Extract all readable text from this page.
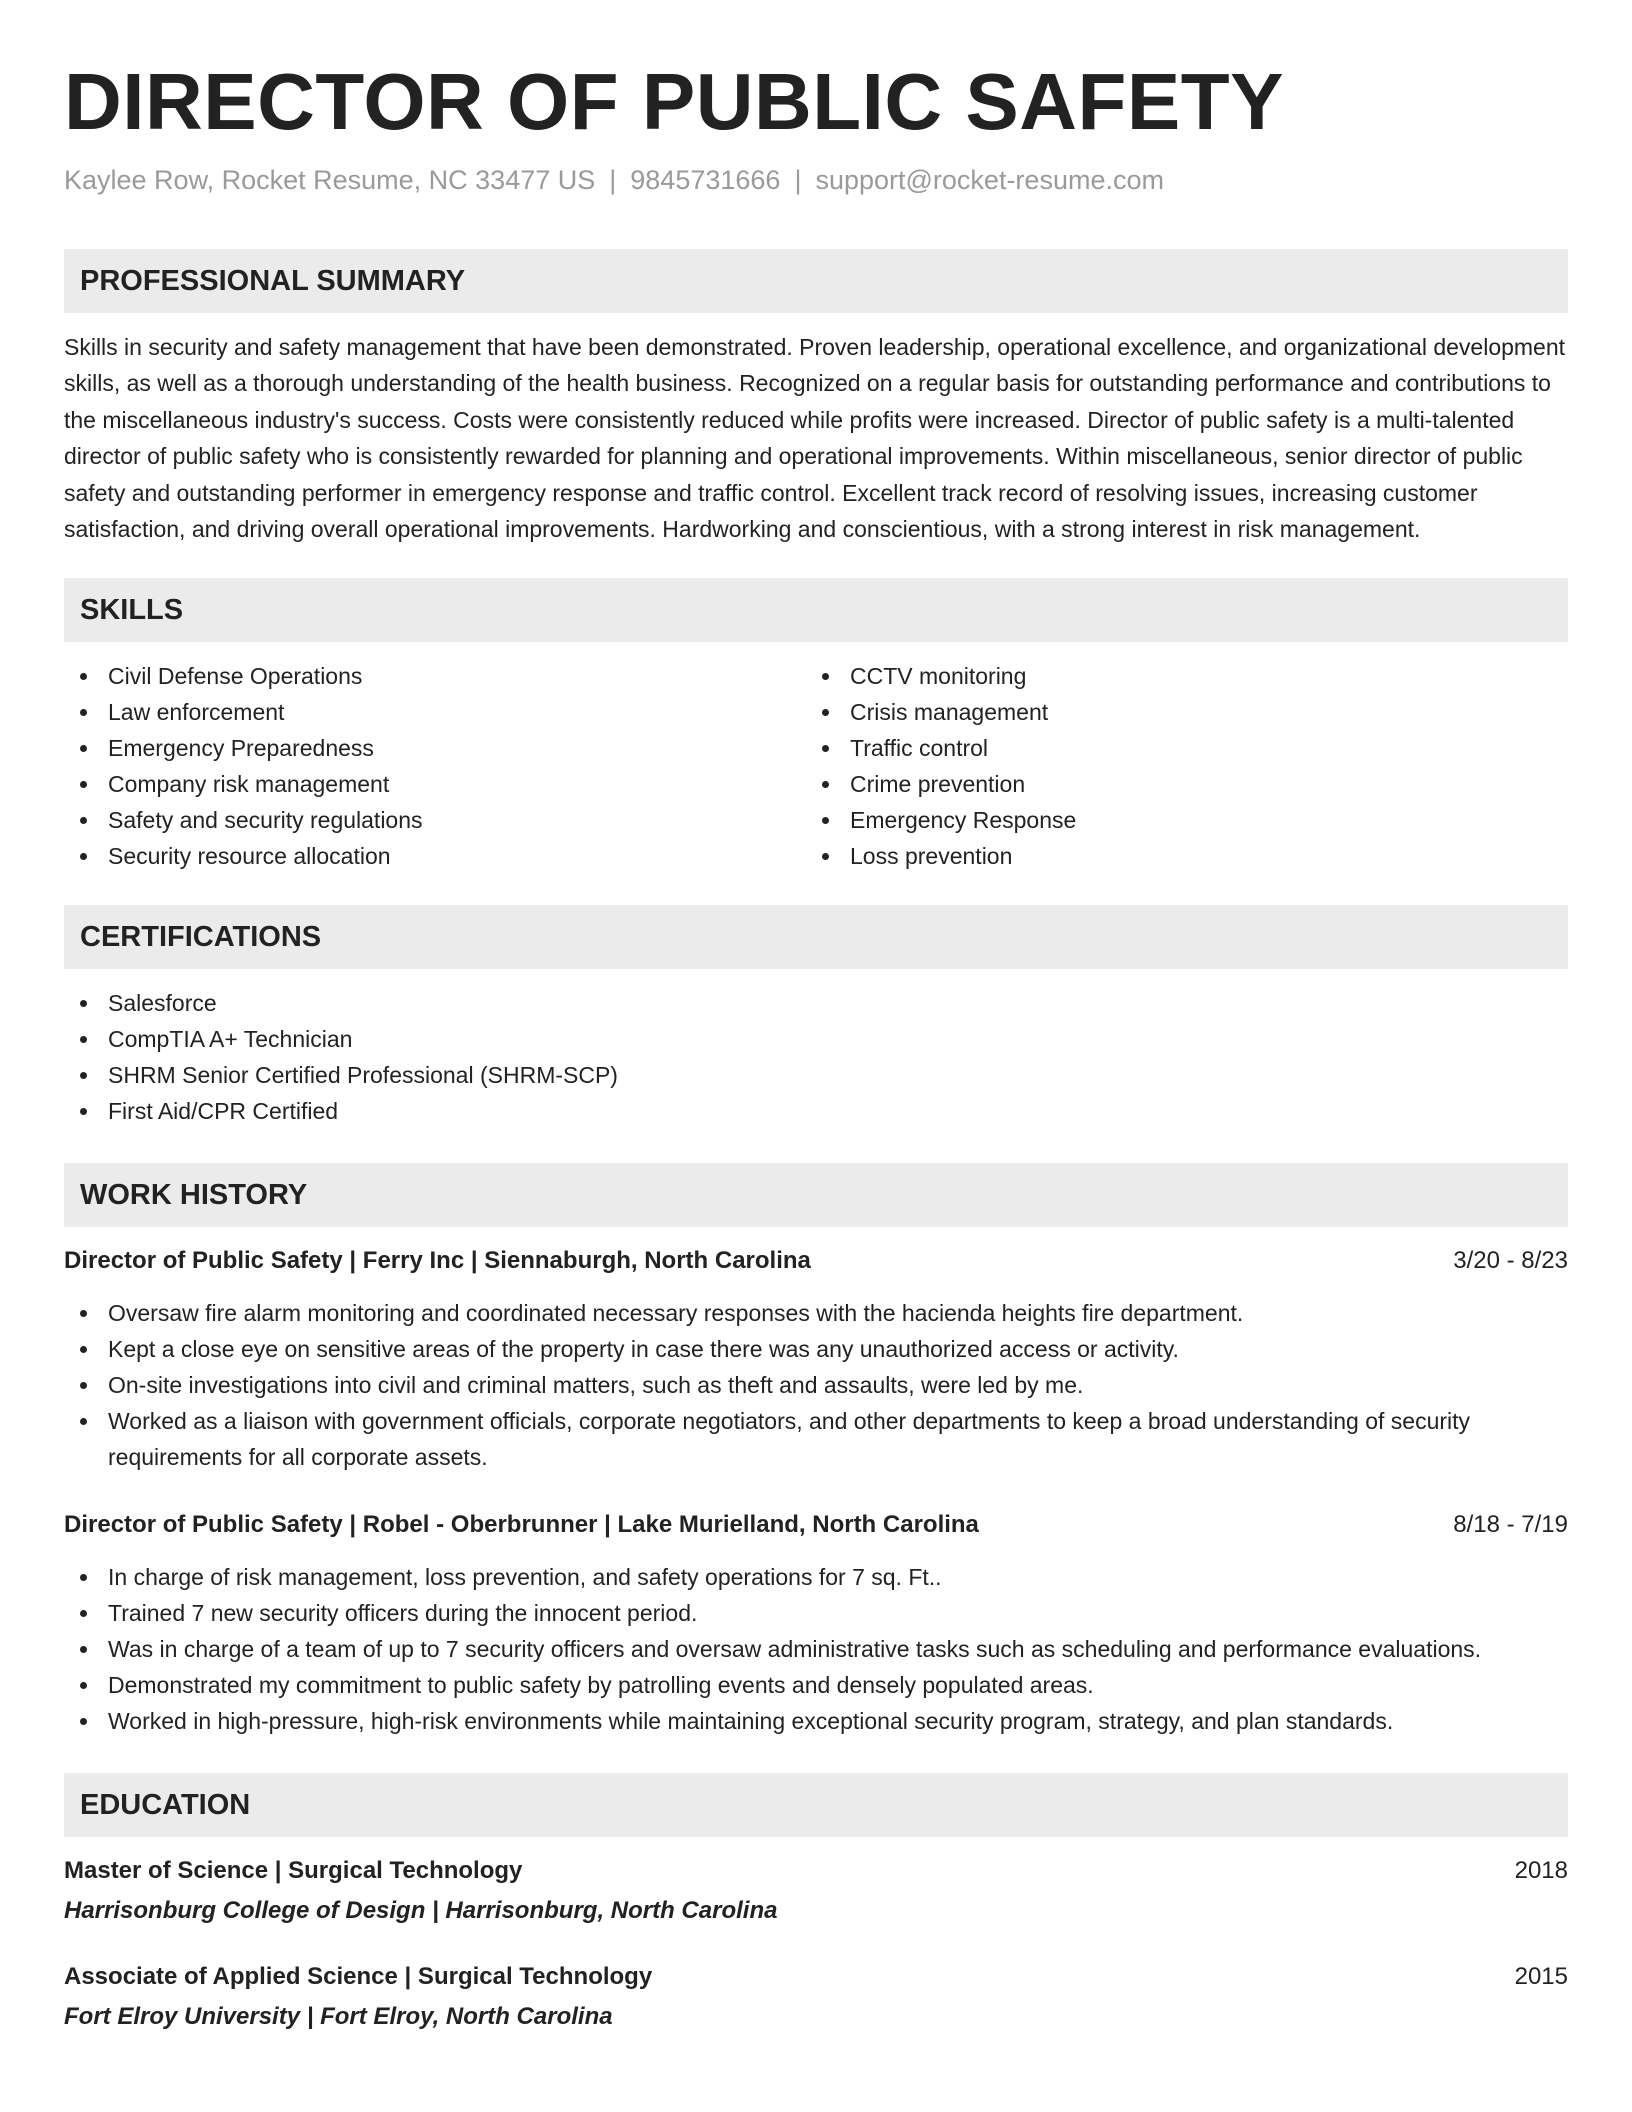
DIRECTOR OF PUBLIC SAFETY
Kaylee Row, Rocket Resume, NC 33477 US | 9845731666 | support@rocket-resume.com
PROFESSIONAL SUMMARY

Skills in security and safety management that have been demonstrated. Proven leadership, operational excellence, and organizational development skills, as well as a thorough understanding of the health business. Recognized on a regular basis for outstanding performance and contributions to the miscellaneous industry's success. Costs were consistently reduced while profits were increased. Director of public safety is a multi-talented director of public safety who is consistently rewarded for planning and operational improvements. Within miscellaneous, senior director of public safety and outstanding performer in emergency response and traffic control. Excellent track record of resolving issues, increasing customer satisfaction, and driving overall operational improvements. Hardworking and conscientious, with a strong interest in risk management.

SKILLS
Civil Defense Operations
Law enforcement
Emergency Preparedness
Company risk management
Safety and security regulations
Security resource allocation
CCTV monitoring
Crisis management
Traffic control
Crime prevention
Emergency Response
Loss prevention
CERTIFICATIONS
Salesforce
CompTIA A+ Technician
SHRM Senior Certified Professional (SHRM-SCP)
First Aid/CPR Certified
WORK HISTORY
Director of Public Safety | Ferry Inc | Siennaburgh, North Carolina	3/20 - 8/23
Oversaw fire alarm monitoring and coordinated necessary responses with the hacienda heights fire department.
Kept a close eye on sensitive areas of the property in case there was any unauthorized access or activity.
On-site investigations into civil and criminal matters, such as theft and assaults, were led by me.
Worked as a liaison with government officials, corporate negotiators, and other departments to keep a broad understanding of security requirements for all corporate assets.
Director of Public Safety | Robel - Oberbrunner | Lake Murielland, North Carolina	8/18 - 7/19
In charge of risk management, loss prevention, and safety operations for 7 sq. Ft..
Trained 7 new security officers during the innocent period.
Was in charge of a team of up to 7 security officers and oversaw administrative tasks such as scheduling and performance evaluations.
Demonstrated my commitment to public safety by patrolling events and densely populated areas.
Worked in high-pressure, high-risk environments while maintaining exceptional security program, strategy, and plan standards.
EDUCATION
Master of Science | Surgical Technology	2018
Harrisonburg College of Design | Harrisonburg, North Carolina
Associate of Applied Science | Surgical Technology	2015
Fort Elroy University | Fort Elroy, North Carolina
